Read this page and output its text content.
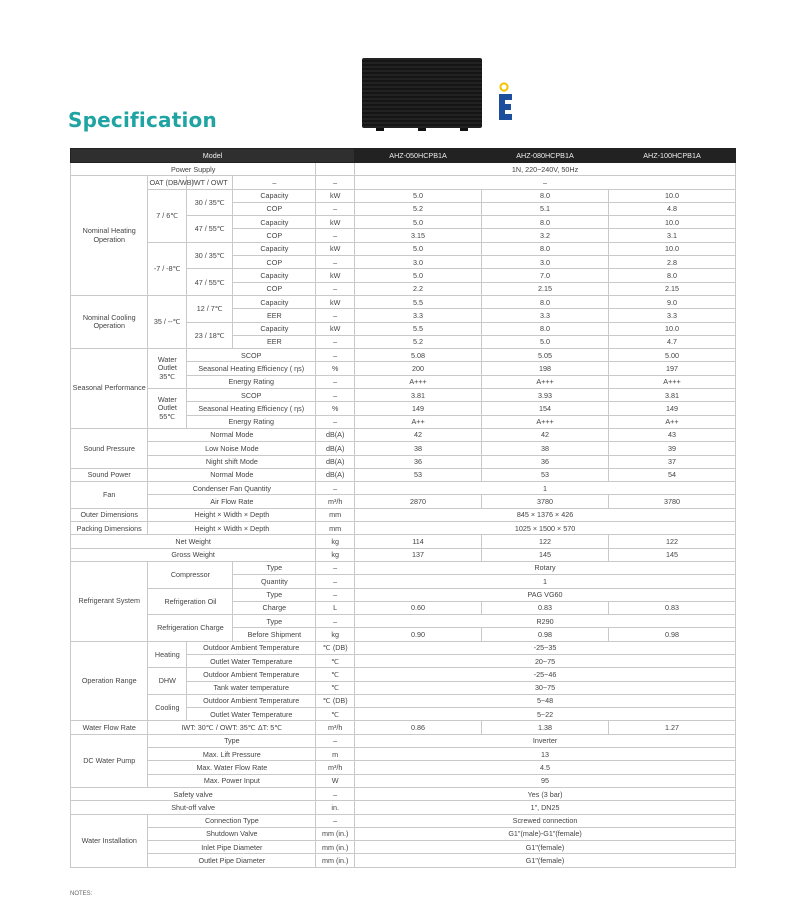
Specification
Model					AHZ-050HCPB1A	AHZ-080HCPB1A	AHZ-100HCPB1A
Power Supply					1N, 220~240V, 50Hz		
Nominal Heating Operation	OAT (DB/WB)	IWT / OWT	–	–	–		
	7 / 6℃	30 / 35℃	Capacity	kW	5.0	8.0	10.0
			COP	–	5.2	5.1	4.8
		47 / 55℃	Capacity	kW	5.0	8.0	10.0
			COP	–	3.15	3.2	3.1
	-7 / -8℃	30 / 35℃	Capacity	kW	5.0	8.0	10.0
			COP	–	3.0	3.0	2.8
		47 / 55℃	Capacity	kW	5.0	7.0	8.0
			COP	–	2.2	2.15	2.15
Nominal Cooling Operation	35 / --℃	12 / 7℃	Capacity	kW	5.5	8.0	9.0
			EER	–	3.3	3.3	3.3
		23 / 18℃	Capacity	kW	5.5	8.0	10.0
			EER	–	5.2	5.0	4.7
Seasonal Performance	Water Outlet 35℃	SCOP		–	5.08	5.05	5.00
		Seasonal Heating Efficiency ( ηs)		%	200	198	197
		Energy Rating		–	A+++	A+++	A+++
	Water Outlet 55℃	SCOP		–	3.81	3.93	3.81
		Seasonal Heating Efficiency ( ηs)		%	149	154	149
		Energy Rating		–	A++	A+++	A++
Sound Pressure	Normal Mode			dB(A)	42	42	43
	Low Noise Mode			dB(A)	38	38	39
	Night shift Mode			dB(A)	36	36	37
Sound Power	Normal Mode			dB(A)	53	53	54
Fan	Condenser Fan Quantity			–	1		
	Air Flow Rate			m³/h	2870	3780	3780
Outer Dimensions	Height × Width × Depth			mm	845 × 1376 × 426		
Packing Dimensions	Height × Width × Depth			mm	1025 × 1500 × 570		
Net Weight				kg	114	122	122
Gross Weight				kg	137	145	145
Refrigerant System	Compressor		Type	–	Rotary		
			Quantity	–	1		
	Refrigeration Oil		Type	–	PAG VG60		
			Charge	L	0.60	0.83	0.83
	Refrigeration Charge		Type	–	R290		
			Before Shipment	kg	0.90	0.98	0.98
Operation Range	Heating	Outdoor Ambient Temperature		℃ (DB)	-25~35		
		Outlet Water Temperature		℃	20~75		
	DHW	Outdoor Ambient Temperature		℃	-25~46		
		Tank water temperature		℃	30~75		
	Cooling	Outdoor Ambient Temperature		℃ (DB)	5~48		
		Outlet Water Temperature		℃	5~22		
Water Flow Rate	IWT: 30℃ / OWT: 35℃ ΔT: 5℃			m³/h	0.86	1.38	1.27
DC Water Pump	Type			–	Inverter		
	Max. Lift Pressure			m	13		
	Max. Water Flow Rate			m³/h	4.5		
	Max. Power Input			W	95		
Safety valve				–	Yes (3 bar)		
Shut-off valve				in.	1", DN25		
Water Installation	Connection Type			–	Screwed connection		
	Shutdown Valve			mm (in.)	G1"(male)-G1"(female)		
	Inlet Pipe Diameter			mm (in.)	G1"(female)		
	Outlet Pipe Diameter			mm (in.)	G1"(female)		
NOTES:
